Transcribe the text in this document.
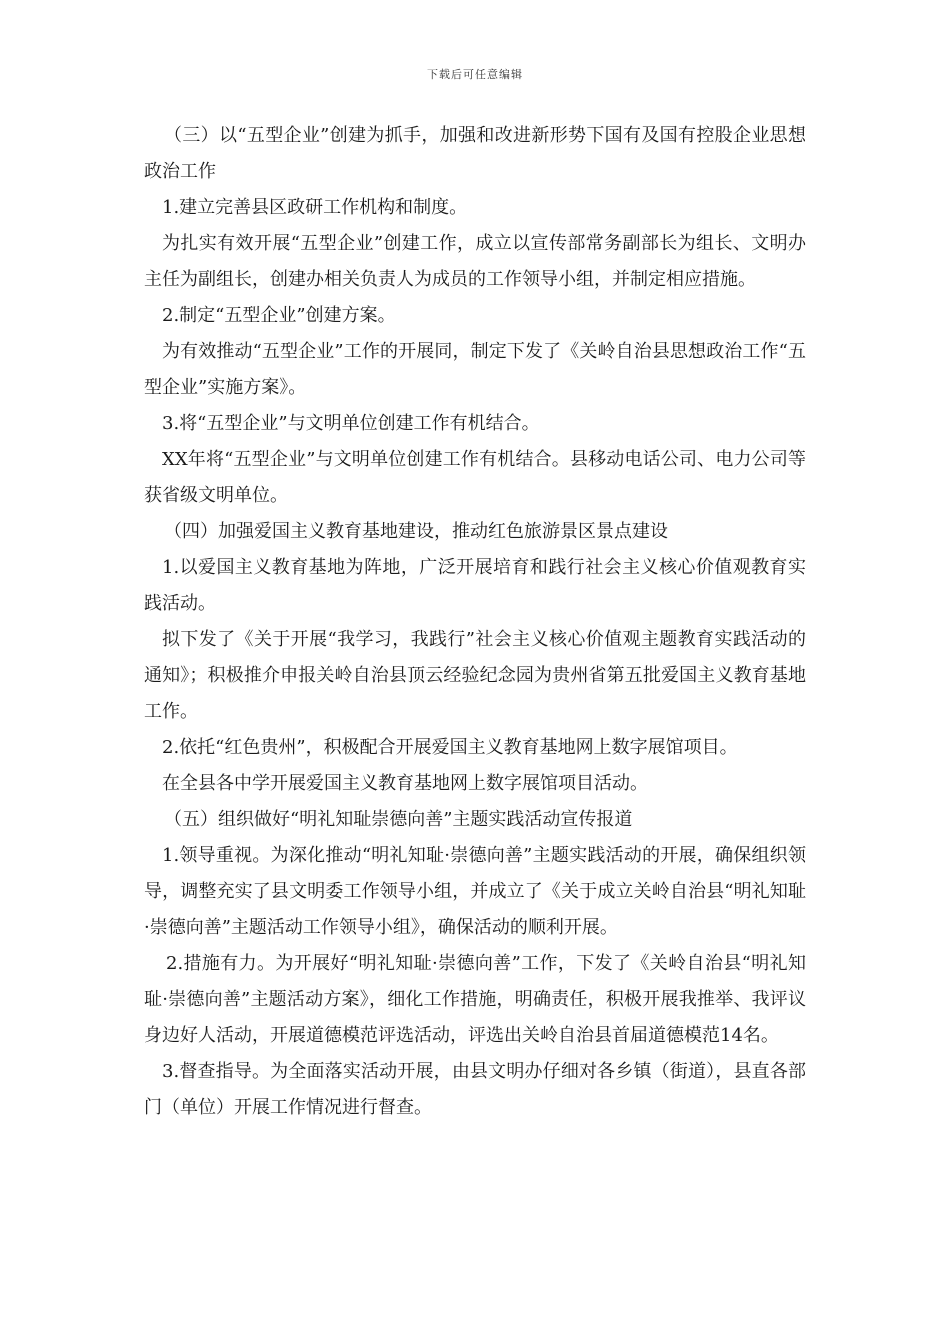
下载后可任意编辑

（三）以“五型企业”创建为抓手，加强和改进新形势下国有及国有控股企业思想政治工作

1.建立完善县区政研工作机构和制度。

为扎实有效开展“五型企业”创建工作，成立以宣传部常务副部长为组长、文明办主任为副组长，创建办相关负责人为成员的工作领导小组，并制定相应措施。

2.制定“五型企业”创建方案。

为有效推动“五型企业”工作的开展同，制定下发了《关岭自治县思想政治工作“五型企业”实施方案》。

3.将“五型企业”与文明单位创建工作有机结合。

XX年将“五型企业”与文明单位创建工作有机结合。县移动电话公司、电力公司等获省级文明单位。

（四）加强爱国主义教育基地建设，推动红色旅游景区景点建设

1.以爱国主义教育基地为阵地，广泛开展培育和践行社会主义核心价值观教育实践活动。

拟下发了《关于开展“我学习，我践行”社会主义核心价值观主题教育实践活动的通知》；积极推介申报关岭自治县顶云经验纪念园为贵州省第五批爱国主义教育基地工作。

2.依托“红色贵州”，积极配合开展爱国主义教育基地网上数字展馆项目。

在全县各中学开展爱国主义教育基地网上数字展馆项目活动。

（五）组织做好“明礼知耻崇德向善”主题实践活动宣传报道

1.领导重视。为深化推动“明礼知耻·崇德向善”主题实践活动的开展，确保组织领导，调整充实了县文明委工作领导小组，并成立了《关于成立关岭自治县“明礼知耻·崇德向善”主题活动工作领导小组》，确保活动的顺利开展。

2.措施有力。为开展好“明礼知耻·崇德向善”工作，下发了《关岭自治县“明礼知耻·崇德向善”主题活动方案》，细化工作措施，明确责任，积极开展我推举、我评议身边好人活动，开展道德模范评选活动，评选出关岭自治县首届道德模范14名。

3.督查指导。为全面落实活动开展，由县文明办仔细对各乡镇（街道），县直各部门（单位）开展工作情况进行督查。
